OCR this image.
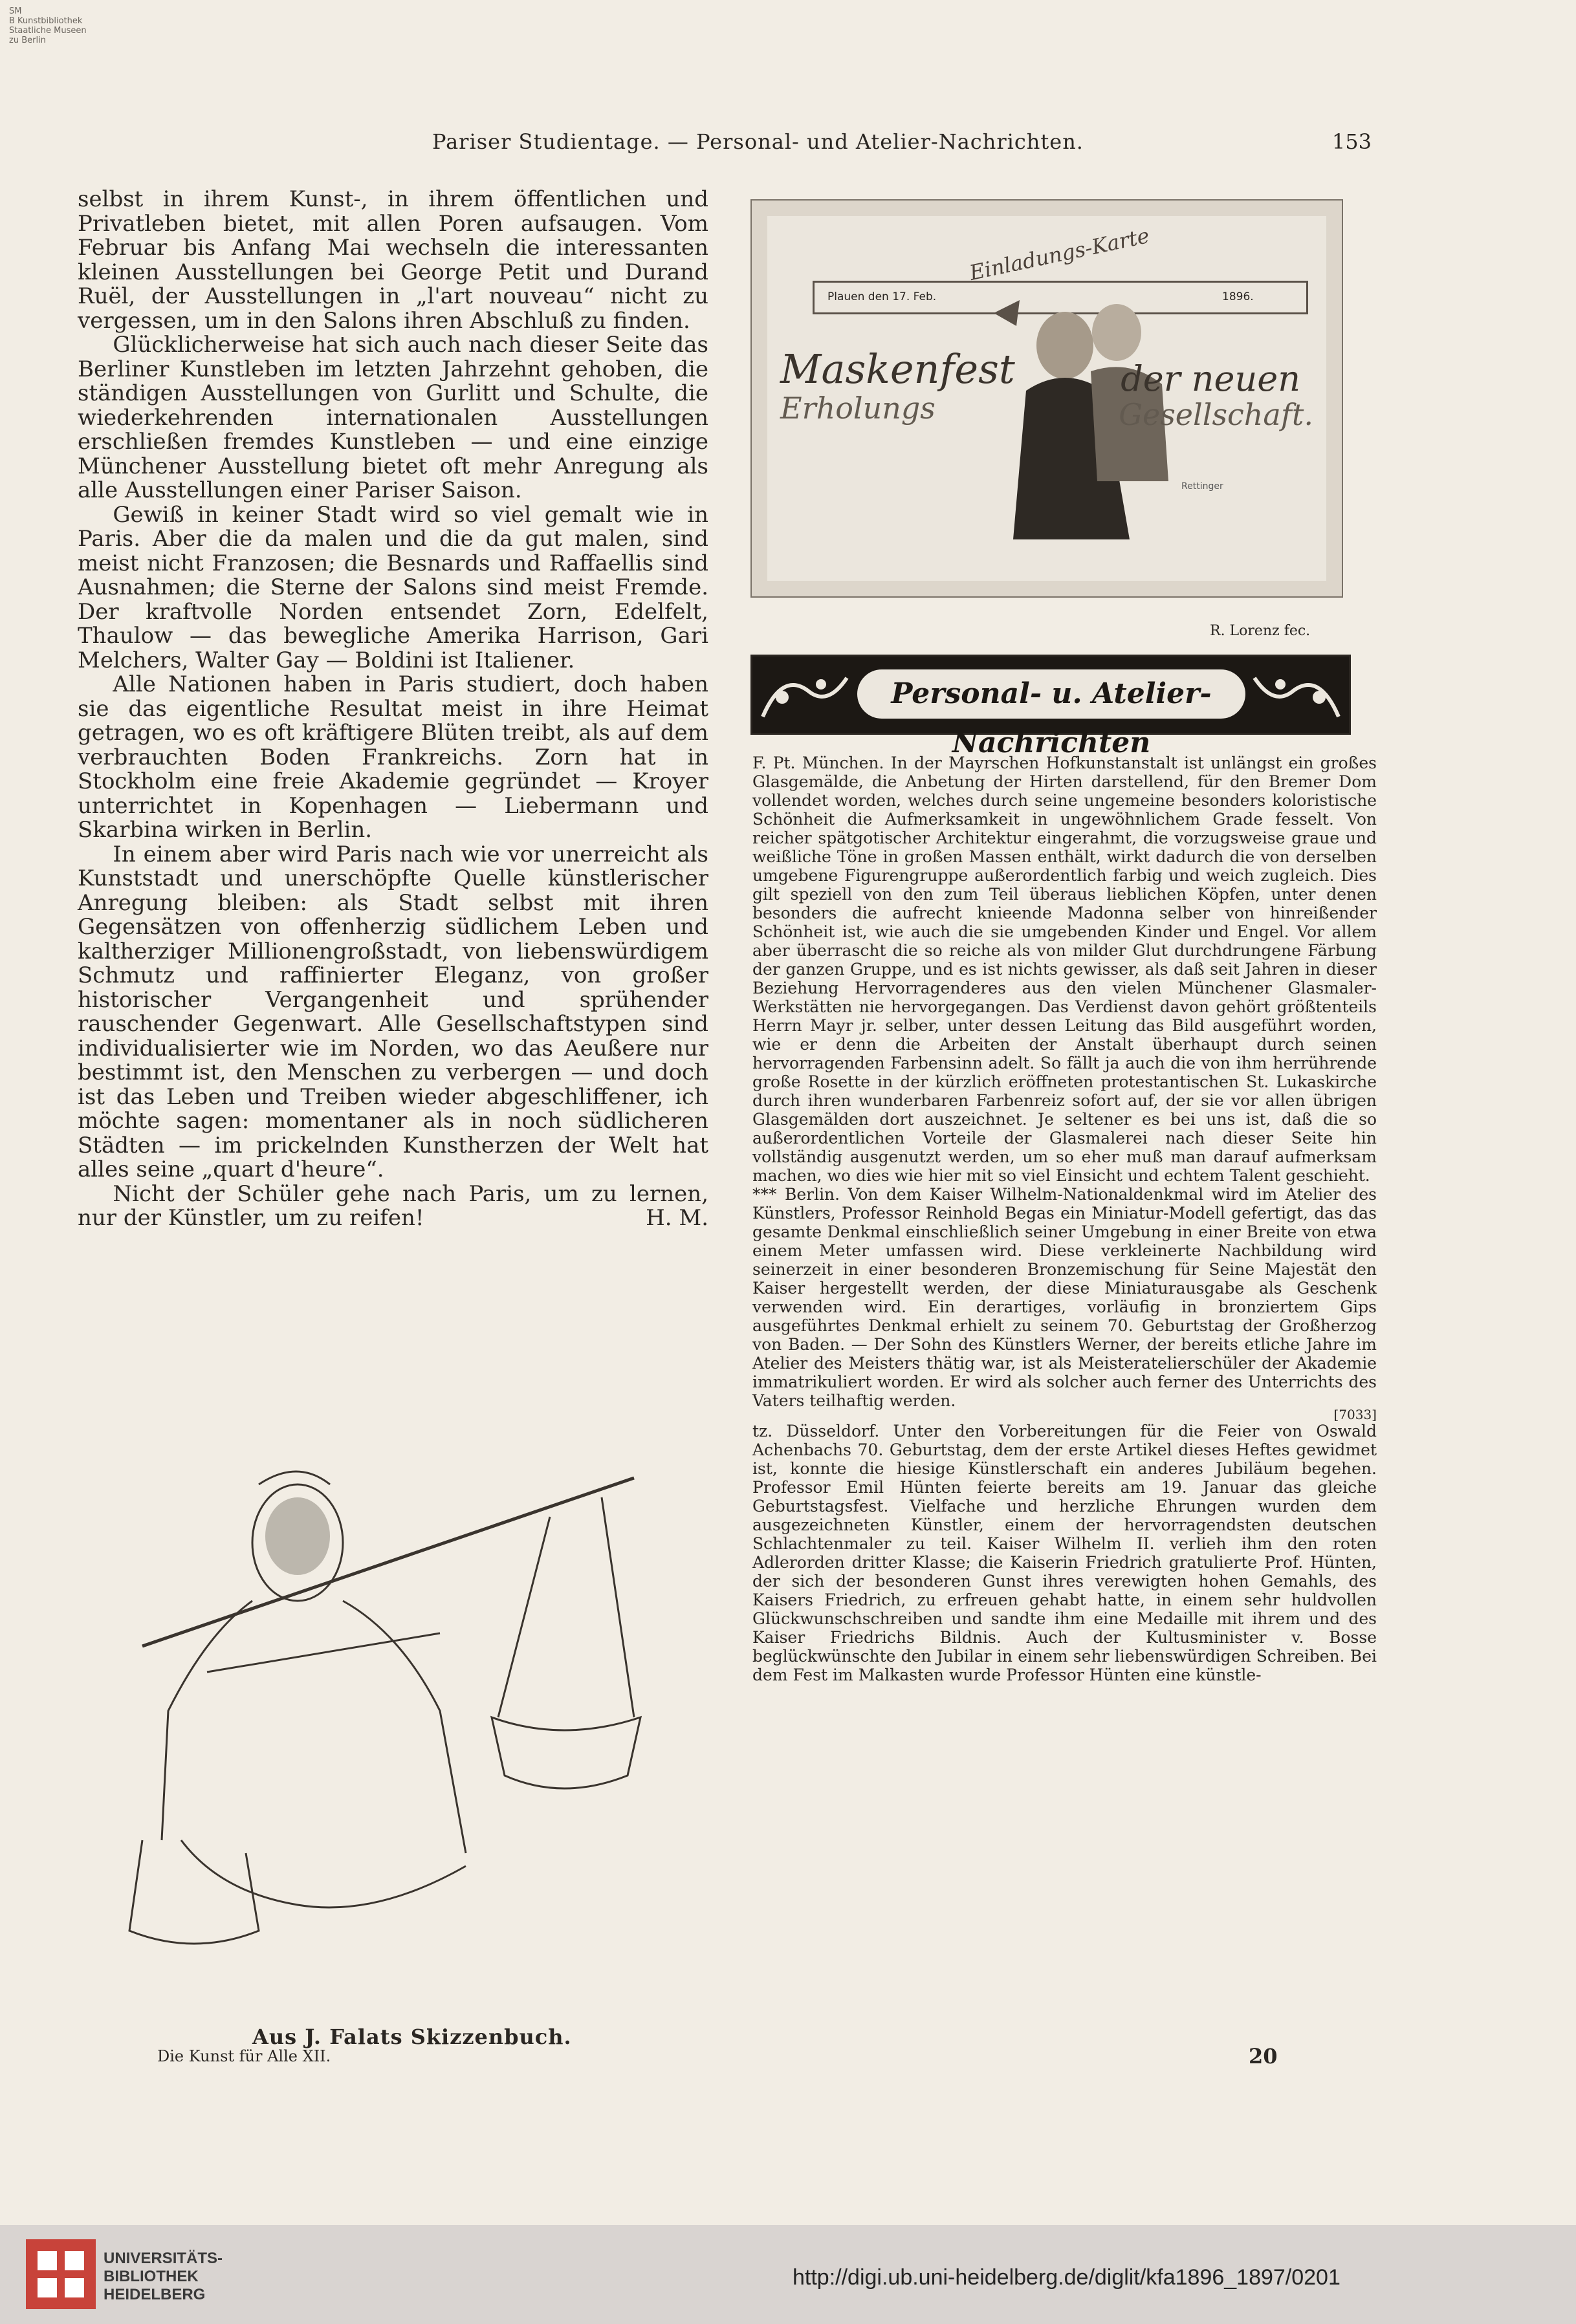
SM
B Kunstbibliothek
Staatliche Museen
zu Berlin
Pariser Studientage. — Personal- und Atelier-Nachrichten.	153

selbst in ihrem Kunst-, in ihrem öffentlichen und Privatleben bietet, mit allen Poren aufsaugen. Vom Februar bis Anfang Mai wechseln die interessanten kleinen Ausstellungen bei George Petit und Durand Ruël, der Ausstellungen in „l'art nouveau“ nicht zu vergessen, um in den Salons ihren Abschluß zu finden.

Glücklicherweise hat sich auch nach dieser Seite das Berliner Kunstleben im letzten Jahrzehnt gehoben, die ständigen Ausstellungen von Gurlitt und Schulte, die wiederkehrenden internationalen Ausstellungen erschließen fremdes Kunstleben — und eine einzige Münchener Ausstellung bietet oft mehr Anregung als alle Ausstellungen einer Pariser Saison.

Gewiß in keiner Stadt wird so viel gemalt wie in Paris. Aber die da malen und die da gut malen, sind meist nicht Franzosen; die Besnards und Raffaellis sind Ausnahmen; die Sterne der Salons sind meist Fremde. Der kraftvolle Norden entsendet Zorn, Edelfelt, Thaulow — das bewegliche Amerika Harrison, Gari Melchers, Walter Gay — Boldini ist Italiener.

Alle Nationen haben in Paris studiert, doch haben sie das eigentliche Resultat meist in ihre Heimat getragen, wo es oft kräftigere Blüten treibt, als auf dem verbrauchten Boden Frankreichs. Zorn hat in Stockholm eine freie Akademie gegründet — Kroyer unterrichtet in Kopenhagen — Liebermann und Skarbina wirken in Berlin.

In einem aber wird Paris nach wie vor unerreicht als Kunststadt und unerschöpfte Quelle künstlerischer Anregung bleiben: als Stadt selbst mit ihren Gegensätzen von offenherzig südlichem Leben und kaltherziger Millionengroßstadt, von liebenswürdigem Schmutz und raffinierter Eleganz, von großer historischer Vergangenheit und sprühender rauschender Gegenwart. Alle Gesellschaftstypen sind individualisierter wie im Norden, wo das Aeußere nur bestimmt ist, den Menschen zu verbergen — und doch ist das Leben und Treiben wieder abgeschliffener, ich möchte sagen: momentaner als in noch südlicheren Städten — im prickelnden Kunstherzen der Welt hat alles seine „quart d'heure“.

Nicht der Schüler gehe nach Paris, um zu lernen, nur der Künstler, um zu reifen!	H. M.

Einladungs-Karte
Plauen den 17. Feb.	1896.
Maskenfest
Erholungs
der neuen
Gesellschaft.
Rettinger
R. Lorenz fec.
Personal- u. Atelier-Nachrichten

F. Pt. München. In der Mayrschen Hofkunstanstalt ist unlängst ein großes Glasgemälde, die Anbetung der Hirten darstellend, für den Bremer Dom vollendet worden, welches durch seine ungemeine besonders koloristische Schönheit die Aufmerksamkeit in ungewöhnlichem Grade fesselt. Von reicher spätgotischer Architektur eingerahmt, die vorzugsweise graue und weißliche Töne in großen Massen enthält, wirkt dadurch die von derselben umgebene Figurengruppe außerordentlich farbig und weich zugleich. Dies gilt speziell von den zum Teil überaus lieblichen Köpfen, unter denen besonders die aufrecht knieende Madonna selber von hinreißender Schönheit ist, wie auch die sie umgebenden Kinder und Engel. Vor allem aber überrascht die so reiche als von milder Glut durchdrungene Färbung der ganzen Gruppe, und es ist nichts gewisser, als daß seit Jahren in dieser Beziehung Hervorragenderes aus den vielen Münchener Glasmaler-Werkstätten nie hervorgegangen. Das Verdienst davon gehört größtenteils Herrn Mayr jr. selber, unter dessen Leitung das Bild ausgeführt worden, wie er denn die Arbeiten der Anstalt überhaupt durch seinen hervorragenden Farbensinn adelt. So fällt ja auch die von ihm herrührende große Rosette in der kürzlich eröffneten protestantischen St. Lukaskirche durch ihren wunderbaren Farbenreiz sofort auf, der sie vor allen übrigen Glasgemälden dort auszeichnet. Je seltener es bei uns ist, daß die so außerordentlichen Vorteile der Glasmalerei nach dieser Seite hin vollständig ausgenutzt werden, um so eher muß man darauf aufmerksam machen, wo dies wie hier mit so viel Einsicht und echtem Talent geschieht.

*** Berlin. Von dem Kaiser Wilhelm-Nationaldenkmal wird im Atelier des Künstlers, Professor Reinhold Begas ein Miniatur-Modell gefertigt, das das gesamte Denkmal einschließlich seiner Umgebung in einer Breite von etwa einem Meter umfassen wird. Diese verkleinerte Nachbildung wird seinerzeit in einer besonderen Bronzemischung für Seine Majestät den Kaiser hergestellt werden, der diese Miniaturausgabe als Geschenk verwenden wird. Ein derartiges, vorläufig in bronziertem Gips ausgeführtes Denkmal erhielt zu seinem 70. Geburtstag der Großherzog von Baden. — Der Sohn des Künstlers Werner, der bereits etliche Jahre im Atelier des Meisters thätig war, ist als Meisteratelierschüler der Akademie immatrikuliert worden. Er wird als solcher auch ferner des Unterrichts des Vaters teilhaftig werden.

[7033]

tz. Düsseldorf. Unter den Vorbereitungen für die Feier von Oswald Achenbachs 70. Geburtstag, dem der erste Artikel dieses Heftes gewidmet ist, konnte die hiesige Künstlerschaft ein anderes Jubiläum begehen. Professor Emil Hünten feierte bereits am 19. Januar das gleiche Geburtstagsfest. Vielfache und herzliche Ehrungen wurden dem ausgezeichneten Künstler, einem der hervorragendsten deutschen Schlachtenmaler zu teil. Kaiser Wilhelm II. verlieh ihm den roten Adlerorden dritter Klasse; die Kaiserin Friedrich gratulierte Prof. Hünten, der sich der besonderen Gunst ihres verewigten hohen Gemahls, des Kaisers Friedrich, zu erfreuen gehabt hatte, in einem sehr huldvollen Glückwunschschreiben und sandte ihm eine Medaille mit ihrem und des Kaiser Friedrichs Bildnis. Auch der Kultusminister v. Bosse beglückwünschte den Jubilar in einem sehr liebenswürdigen Schreiben. Bei dem Fest im Malkasten wurde Professor Hünten eine künstle-

Aus J. Falats Skizzenbuch.
Die Kunst für Alle XII.	20
UNIVERSITÄTS-
BIBLIOTHEK
HEIDELBERG
http://digi.ub.uni-heidelberg.de/diglit/kfa1896_1897/0201
